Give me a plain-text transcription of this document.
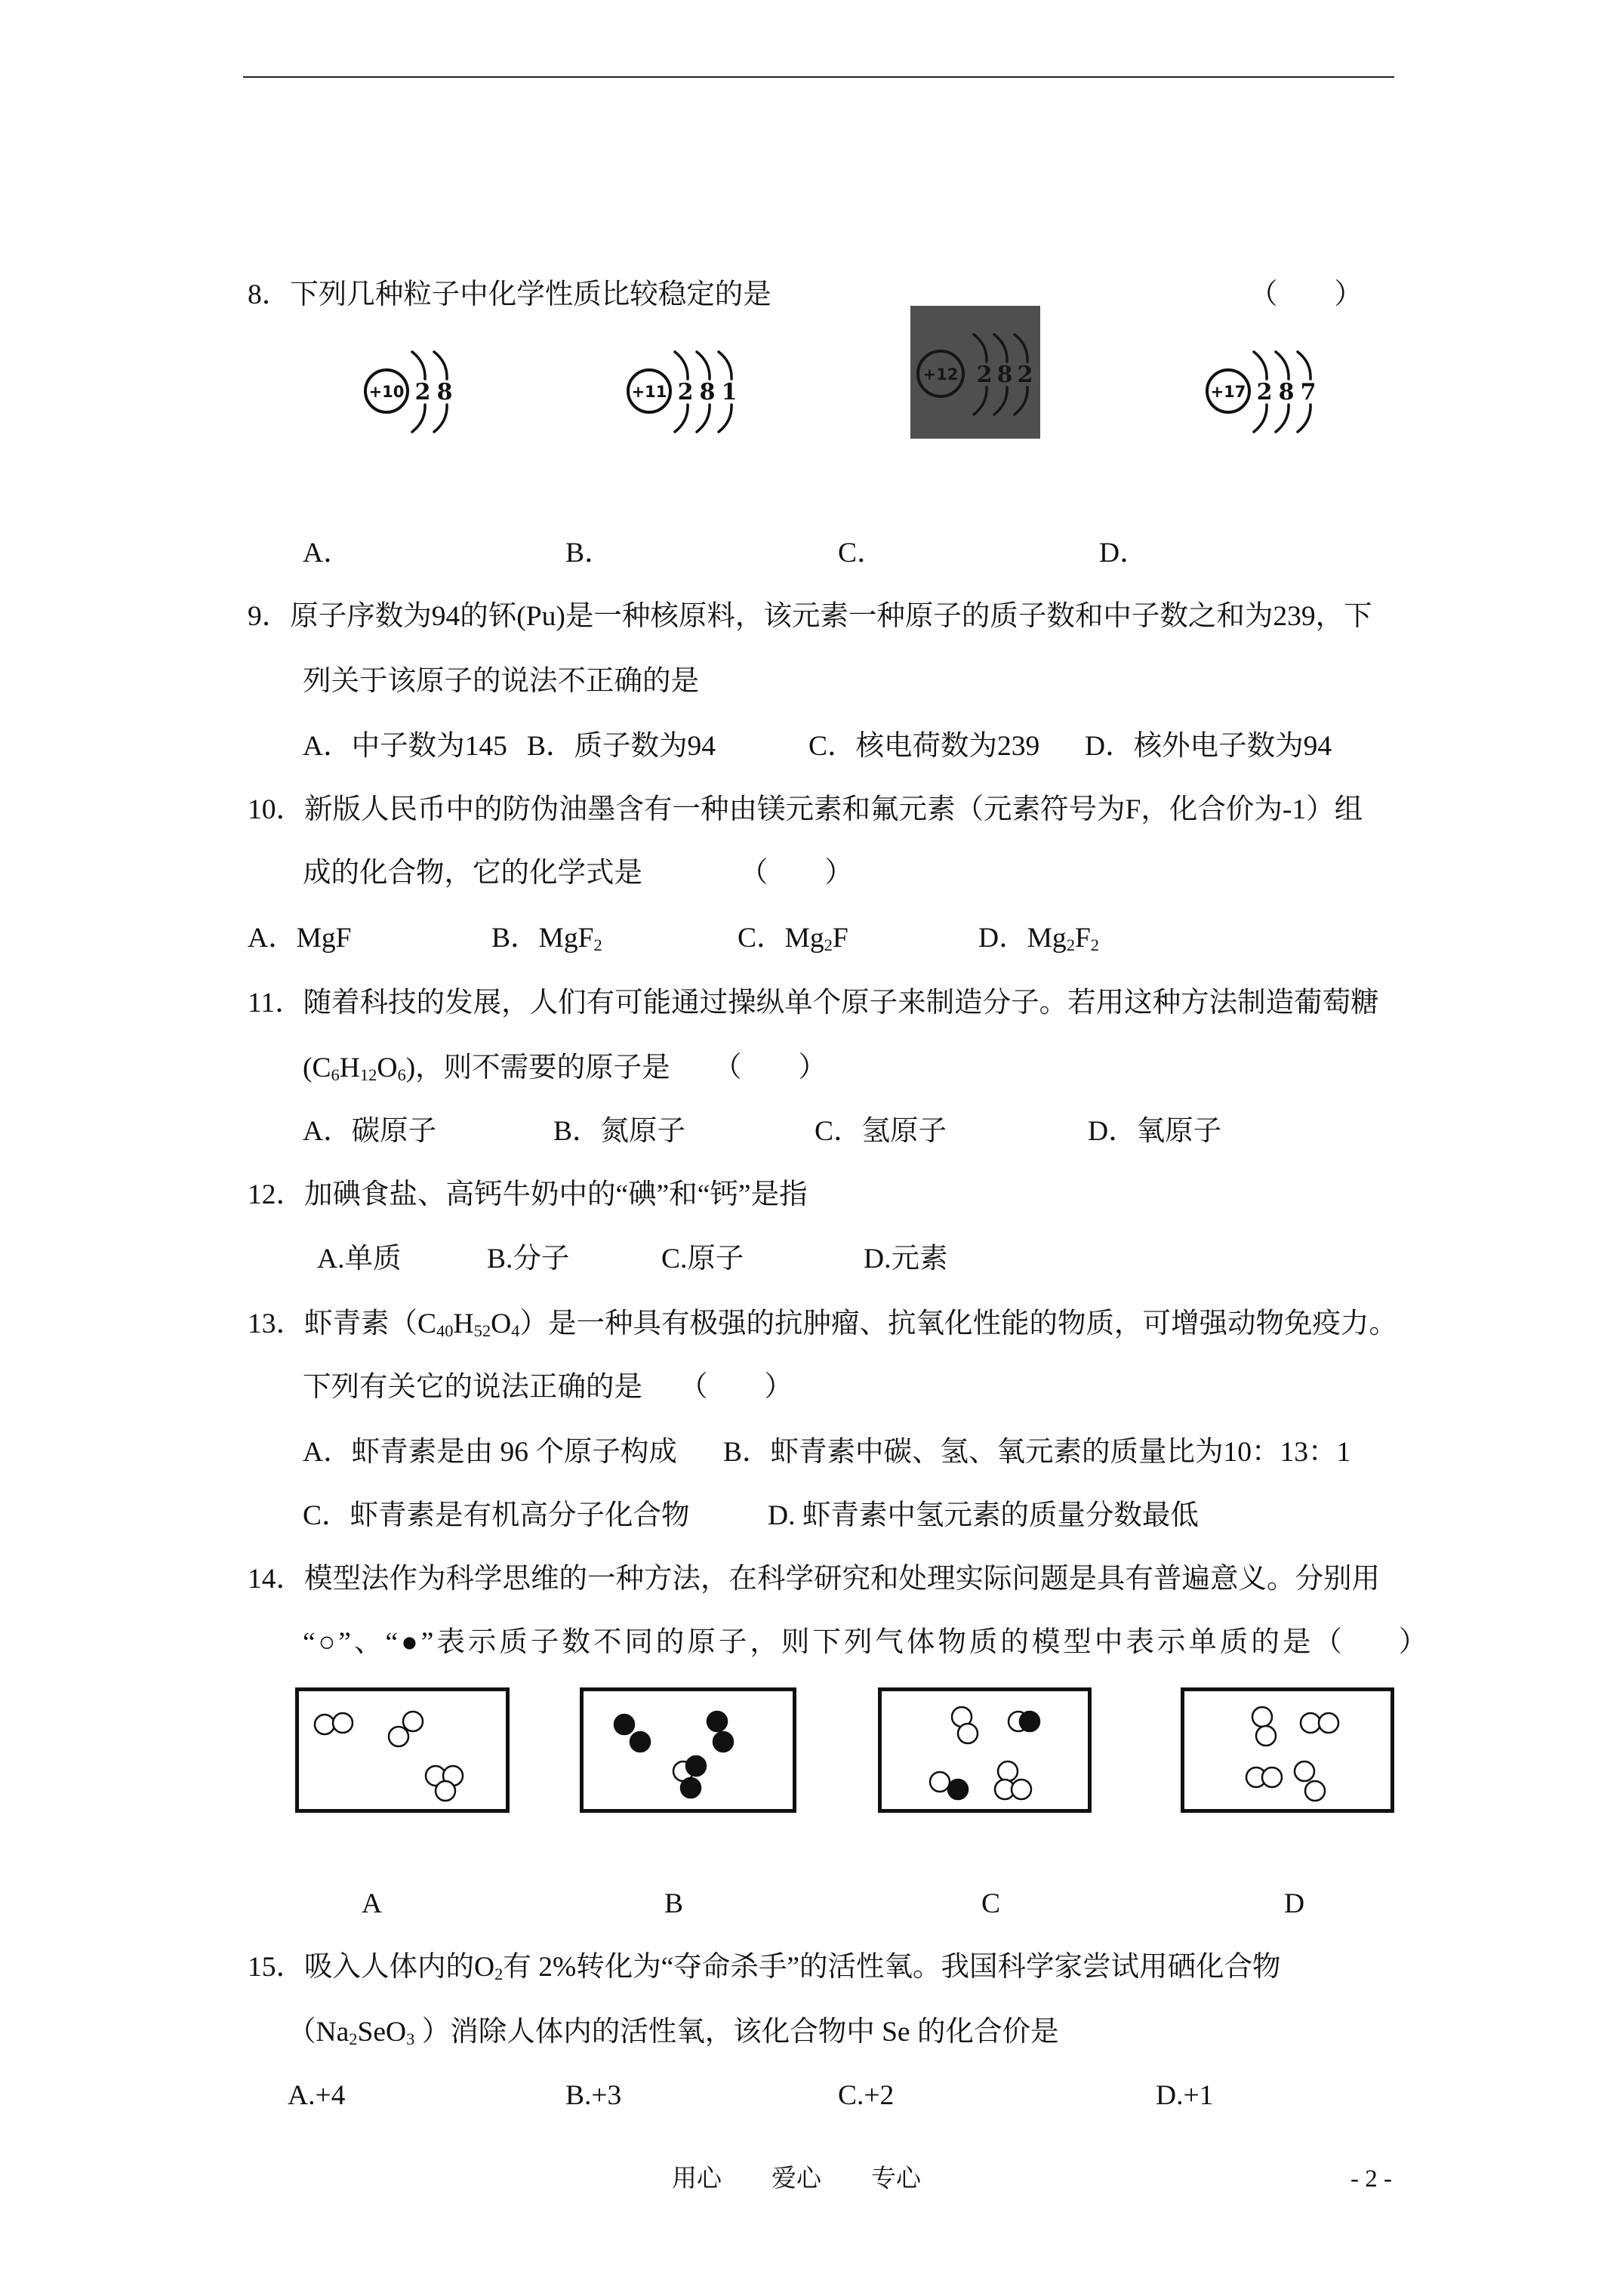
8．下列几种粒子中化学性质比较稳定的是	（　　）
+10 2 8	+11 2 8 1
+12 2 8 2
+17 2 8 7
A．	B．	C．	D．
9．原子序数为94的钚(Pu)是一种核原料，该元素一种原子的质子数和中子数之和为239，下
列关于该原子的说法不正确的是
A．中子数为145 B．质子数为94	C．核电荷数为239 D．核外电子数为94
10．新版人民币中的防伪油墨含有一种由镁元素和氟元素（元素符号为F，化合价为-1）组
成的化合物，它的化学式是	（　　）
A．MgF	B．MgF$_2$	C．$Mg_2F$	D．$Mg_2F_2$
11．随着科技的发展，人们有可能通过操纵单个原子来制造分子。若用这种方法制造葡萄糖
$(C_6H_{12}O_6)$，则不需要的原子是 （　　）
A．碳原子	B．氮原子	C．氢原子	D．氧原子
12．加碘食盐、高钙牛奶中的“碘”和“钙”是指
A.单质	B.分子	C.原子	D.元素
13．虾青素$(C_{40}H_{52}O_4)$是一种具有极强的抗肿瘤、抗氧化性能的物质，可增强动物免疫力。
下列有关它的说法正确的是 （　　）
A．虾青素是由 96 个原子构成 B．虾青素中碳、氢、氧元素的质量比为10：13：1
C．虾青素是有机高分子化合物	D. 虾青素中氢元素的质量分数最低
14．模型法作为科学思维的一种方法，在科学研究和处理实际问题是具有普遍意义。分别用
“○”、“●”表示质子数不同的原子，则下列气体物质的模型中表示单质的是（　　）
A	B	C	D
15．吸入人体内的$O_2$有 2%转化为“夺命杀手”的活性氧。我国科学家尝试用硒化合物
（$Na_2SeO_3$ ）消除人体内的活性氧，该化合物中 Se 的化合价是
A.+4	B.+3	C.+2	D.+1
用心　　爱心　　专心	- 2 -
